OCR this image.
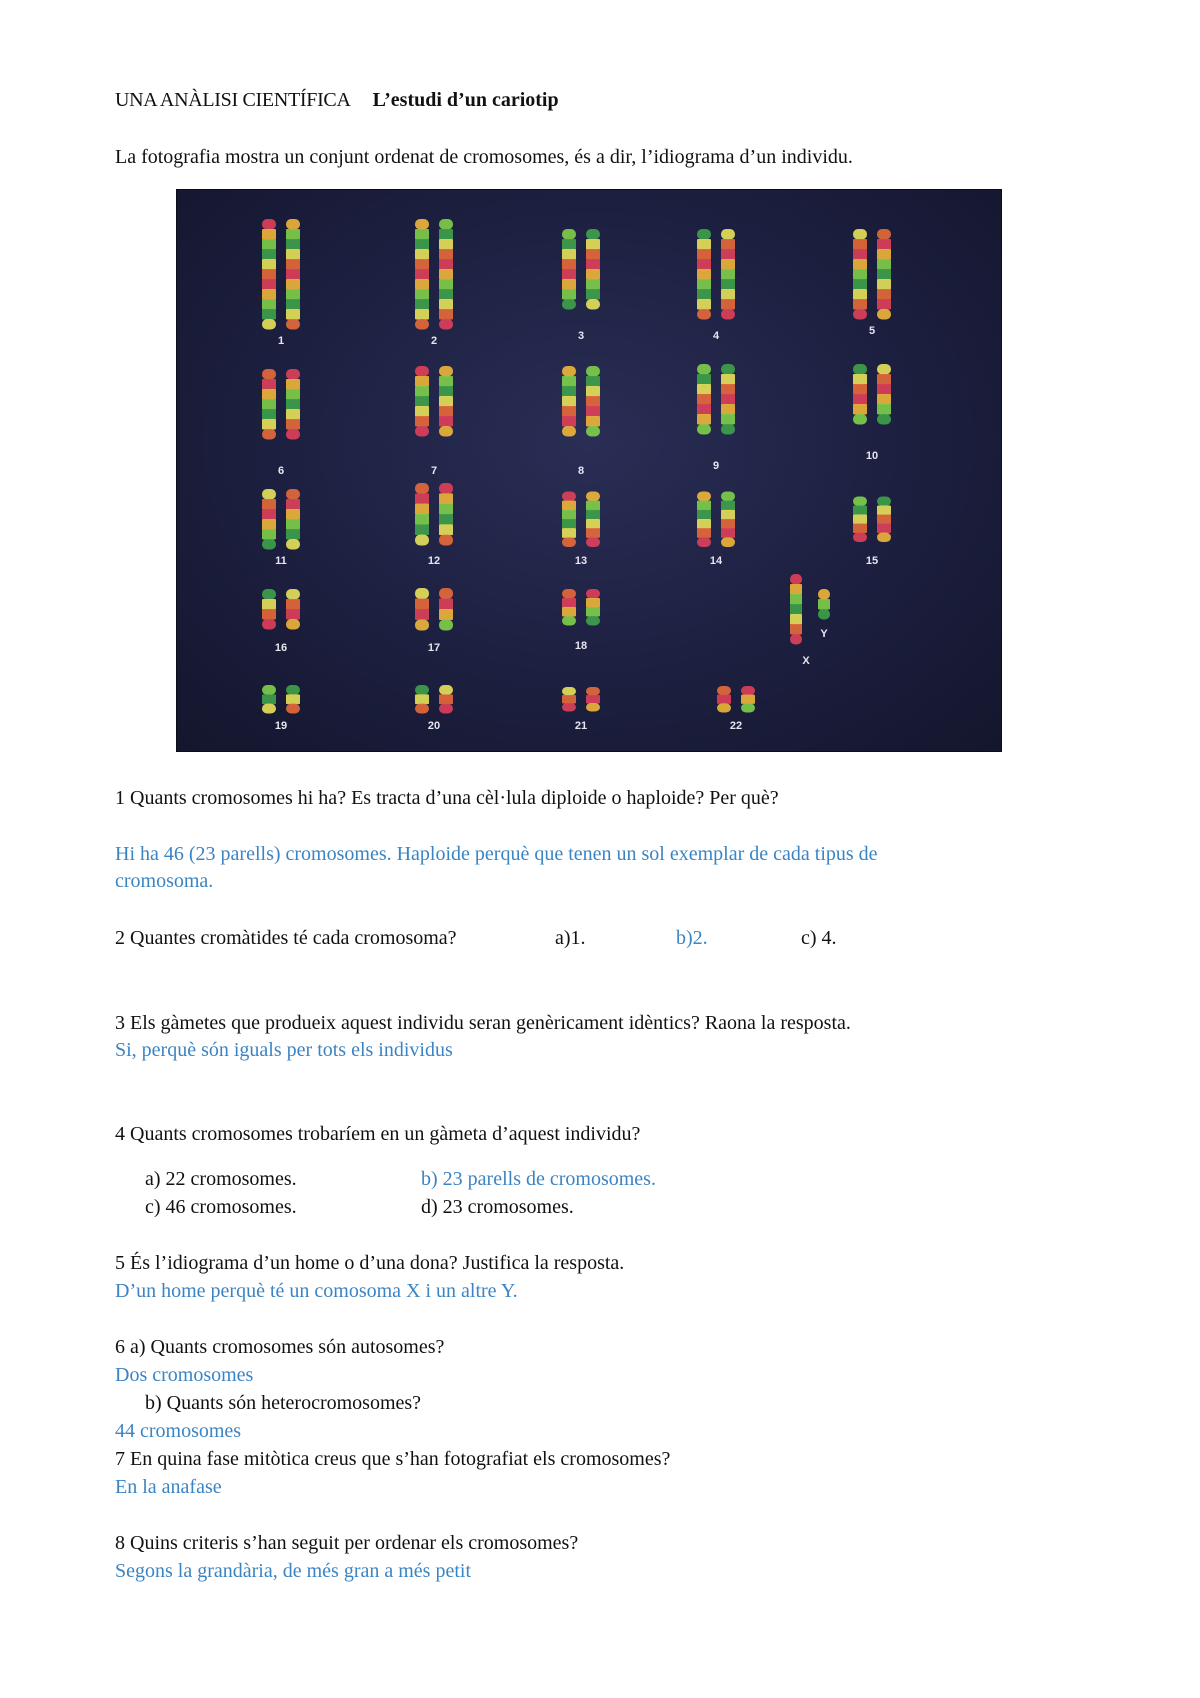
UNA ANÀLISI CIENTÍFICA L’estudi d’un cariotip
La fotografia mostra un conjunt ordenat de cromosomes, és a dir, l’idiograma d’un individu.
1	2	3	4	5
6	7	8	9
10
11	12	13	14	15
16	17	18
X
Y
19	20	21	22
1 Quants cromosomes hi ha? Es tracta d’una cèl·lula diploide o haploide? Per què?
Hi ha 46 (23 parells) cromosomes. Haploide perquè que tenen un sol exemplar de cada tipus de
cromosoma.
2 Quantes cromàtides té cada cromosoma?	a)1.	b)2.	c) 4.
3 Els gàmetes que produeix aquest individu seran genèricament idèntics? Raona la resposta.
Si, perquè són iguals per tots els individus
4 Quants cromosomes trobaríem en un gàmeta d’aquest individu?
a) 22 cromosomes.	b) 23 parells de cromosomes.
c) 46 cromosomes.	d) 23 cromosomes.
5 És l’idiograma d’un home o d’una dona? Justifica la resposta.
D’un home perquè té un comosoma X i un altre Y.
6 a) Quants cromosomes són autosomes?
Dos cromosomes
b) Quants són heterocromosomes?
44 cromosomes
7 En quina fase mitòtica creus que s’han fotografiat els cromosomes?
En la anafase
8 Quins criteris s’han seguit per ordenar els cromosomes?
Segons la grandària, de més gran a més petit
